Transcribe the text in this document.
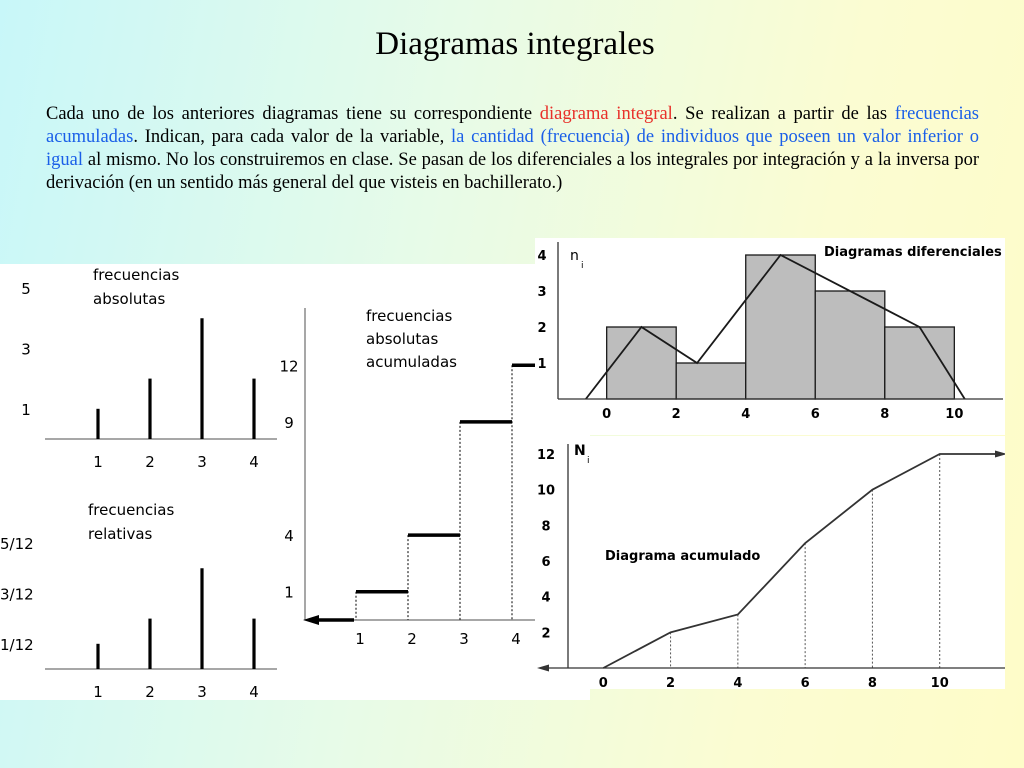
Diagramas integrales

Cada uno de los anteriores diagramas tiene su correspondiente diagrama integral. Se realizan a partir de las frecuencias acumuladas. Indican, para cada valor de la variable, la cantidad (frecuencia) de individuos que poseen un valor inferior o igual al mismo. No los construiremos en clase. Se pasan de los diferenciales a los integrales por integración y a la inversa por derivación (en un sentido más general del que visteis en bachillerato.)

1	2	3	4
1
3
5
frecuencias
absolutas
1	2	3	4
1/12
3/12
5/12
frecuencias
relativas
1	2	3	4
1
4
9
12
frecuencias
absolutas
acumuladas
0	2	4	6	8	10
1
2
3
4 n
i
Diagramas diferenciales
0	2	4	6	8	10
2
4
6
8
10
12 N
i
Diagrama acumulado
